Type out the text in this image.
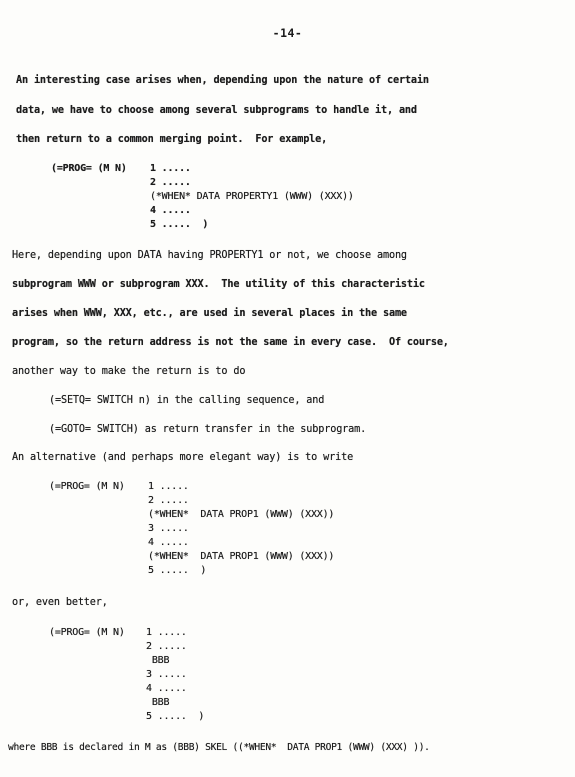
-14-
An interesting case arises when, depending upon the nature of certain
data, we have to choose among several subprograms to handle it, and
then return to a common merging point.  For example,
(=PROG= (M N) 1 .....
2 .....
(*WHEN* DATA PROPERTY1 (WWW) (XXX))
4 .....
5 .....  )
Here, depending upon DATA having PROPERTY1 or not, we choose among
subprogram WWW or subprogram XXX.  The utility of this characteristic
arises when WWW, XXX, etc., are used in several places in the same
program, so the return address is not the same in every case.  Of course,
another way to make the return is to do
(=SETQ= SWITCH n) in the calling sequence, and
(=GOTO= SWITCH) as return transfer in the subprogram.
An alternative (and perhaps more elegant way) is to write
(=PROG= (M N) 1 .....
2 .....
(*WHEN*  DATA PROP1 (WWW) (XXX))
3 .....
4 .....
(*WHEN*  DATA PROP1 (WWW) (XXX))
5 .....  )
or, even better,
(=PROG= (M N) 1 .....
2 .....
BBB
3 .....
4 .....
BBB
5 .....  )
where BBB is declared in M as (BBB) SKEL ((*WHEN*  DATA PROP1 (WWW) (XXX) )).
